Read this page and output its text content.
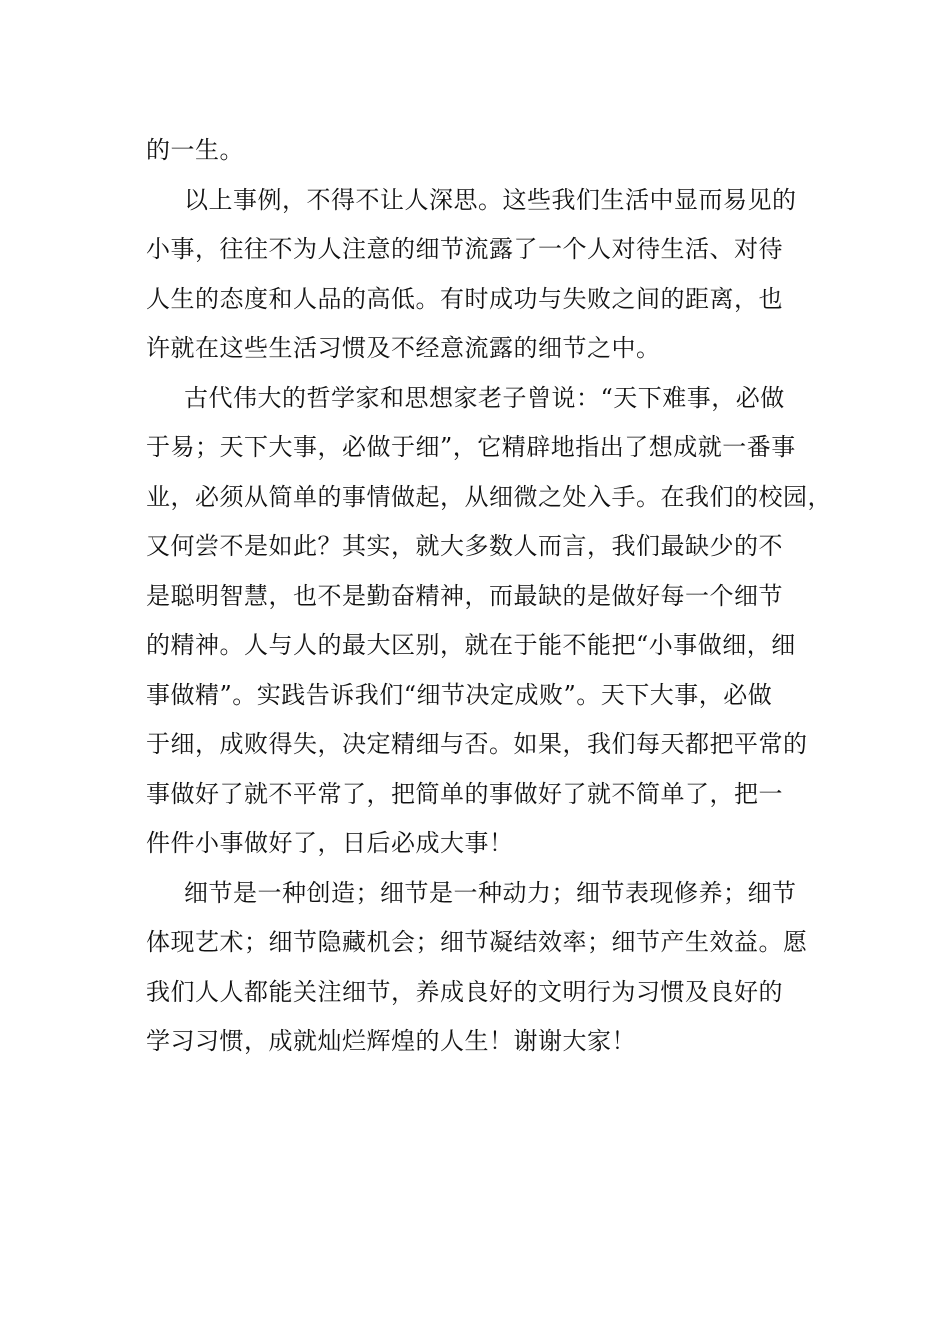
的一生。
以上事例，不得不让人深思。这些我们生活中显而易见的
小事，往往不为人注意的细节流露了一个人对待生活、对待
人生的态度和人品的高低。有时成功与失败之间的距离，也
许就在这些生活习惯及不经意流露的细节之中。
古代伟大的哲学家和思想家老子曾说：“天下难事，必做
于易；天下大事，必做于细”，它精辟地指出了想成就一番事
业，必须从简单的事情做起，从细微之处入手。在我们的校园，
又何尝不是如此？其实，就大多数人而言，我们最缺少的不
是聪明智慧，也不是勤奋精神，而最缺的是做好每一个细节
的精神。人与人的最大区别，就在于能不能把“小事做细，细
事做精”。实践告诉我们“细节决定成败”。天下大事，必做
于细，成败得失，决定精细与否。如果，我们每天都把平常的
事做好了就不平常了，把简单的事做好了就不简单了，把一
件件小事做好了，日后必成大事！
细节是一种创造；细节是一种动力；细节表现修养；细节
体现艺术；细节隐藏机会；细节凝结效率；细节产生效益。愿
我们人人都能关注细节，养成良好的文明行为习惯及良好的
学习习惯，成就灿烂辉煌的人生！谢谢大家！
